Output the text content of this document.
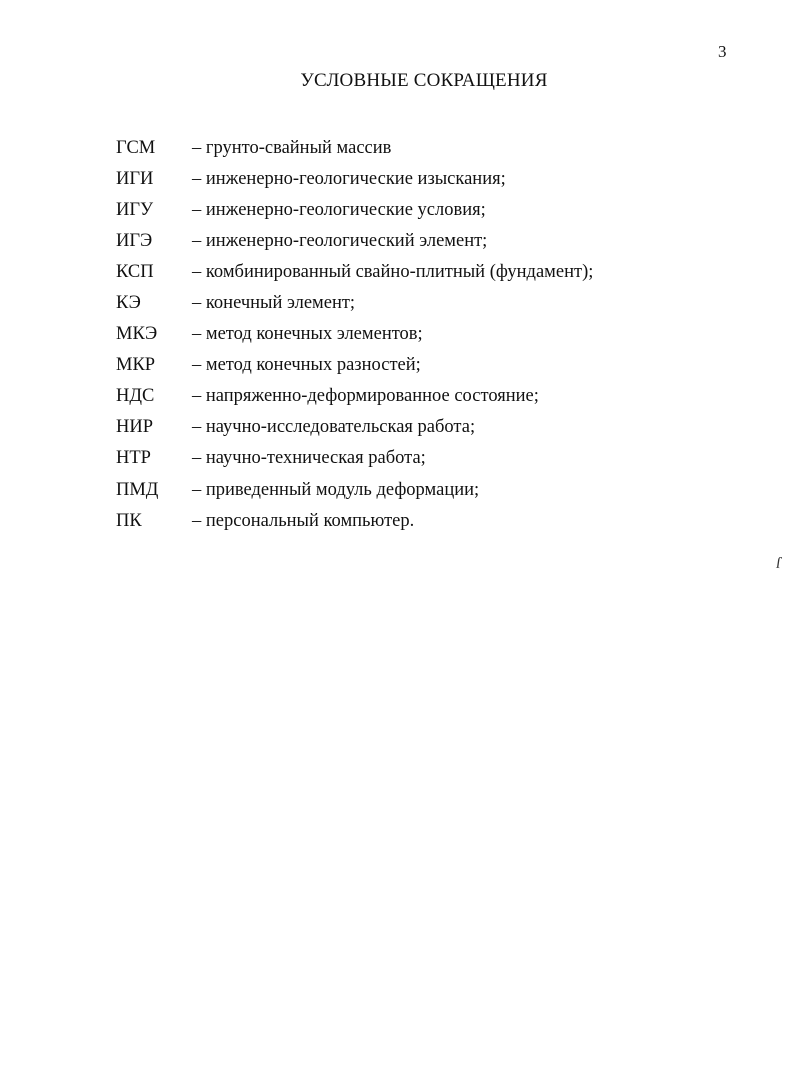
3
УСЛОВНЫЕ СОКРАЩЕНИЯ
ГСМ	– грунто-свайный массив
ИГИ	– инженерно-геологические изыскания;
ИГУ	– инженерно-геологические условия;
ИГЭ	– инженерно-геологический элемент;
КСП	– комбинированный свайно-плитный (фундамент);
КЭ	– конечный элемент;
МКЭ	– метод конечных элементов;
МКР	– метод конечных разностей;
НДС	– напряженно-деформированное состояние;
НИР	– научно-исследовательская работа;
НТР	– научно-техническая работа;
ПМД	– приведенный модуль деформации;
ПК	– персональный компьютер.
ſ
